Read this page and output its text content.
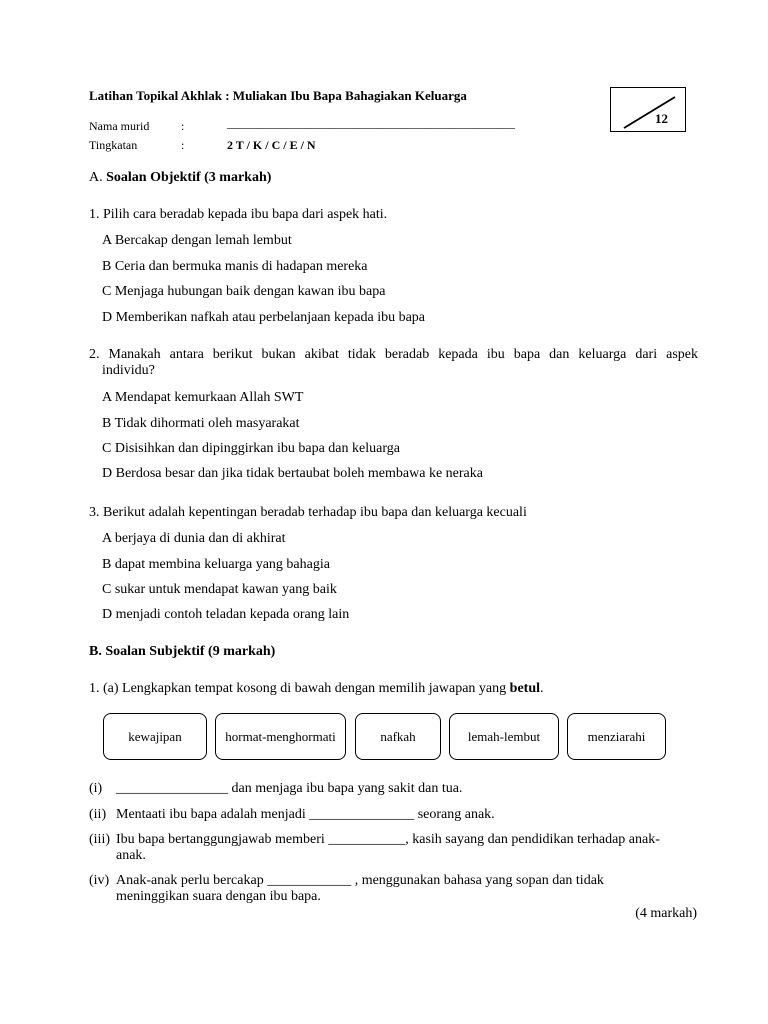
Latihan Topikal Akhlak : Muliakan Ibu Bapa Bahagiakan Keluarga
Nama murid	:	________________________________________________
Tingkatan	:	2 T / K / C / E / N
12
A. Soalan Objektif (3 markah)
1. Pilih cara beradab kepada ibu bapa dari aspek hati.
A Bercakap dengan lemah lembut
B Ceria dan bermuka manis di hadapan mereka
C Menjaga hubungan baik dengan kawan ibu bapa
D Memberikan nafkah atau perbelanjaan kepada ibu bapa
2. Manakah antara berikut bukan akibat tidak beradab kepada ibu bapa dan keluarga dari aspek
individu?
A Mendapat kemurkaan Allah SWT
B Tidak dihormati oleh masyarakat
C Disisihkan dan dipinggirkan ibu bapa dan keluarga
D Berdosa besar dan jika tidak bertaubat boleh membawa ke neraka
3. Berikut adalah kepentingan beradab terhadap ibu bapa dan keluarga kecuali
A berjaya di dunia dan di akhirat
B dapat membina keluarga yang bahagia
C sukar untuk mendapat kawan yang baik
D menjadi contoh teladan kepada orang lain
B. Soalan Subjektif (9 markah)
1. (a) Lengkapkan tempat kosong di bawah dengan memilih jawapan yang betul.
kewajipan	hormat-menghormati	nafkah	lemah-lembut	menziarahi
(i) ________________ dan menjaga ibu bapa yang sakit dan tua.
(ii) Mentaati ibu bapa adalah menjadi _______________ seorang anak.
(iii) Ibu bapa bertanggungjawab memberi ___________, kasih sayang dan pendidikan terhadap anak-anak.
(iv) Anak-anak perlu bercakap ____________ , menggunakan bahasa yang sopan dan tidak meninggikan suara dengan ibu bapa.
(4 markah)
